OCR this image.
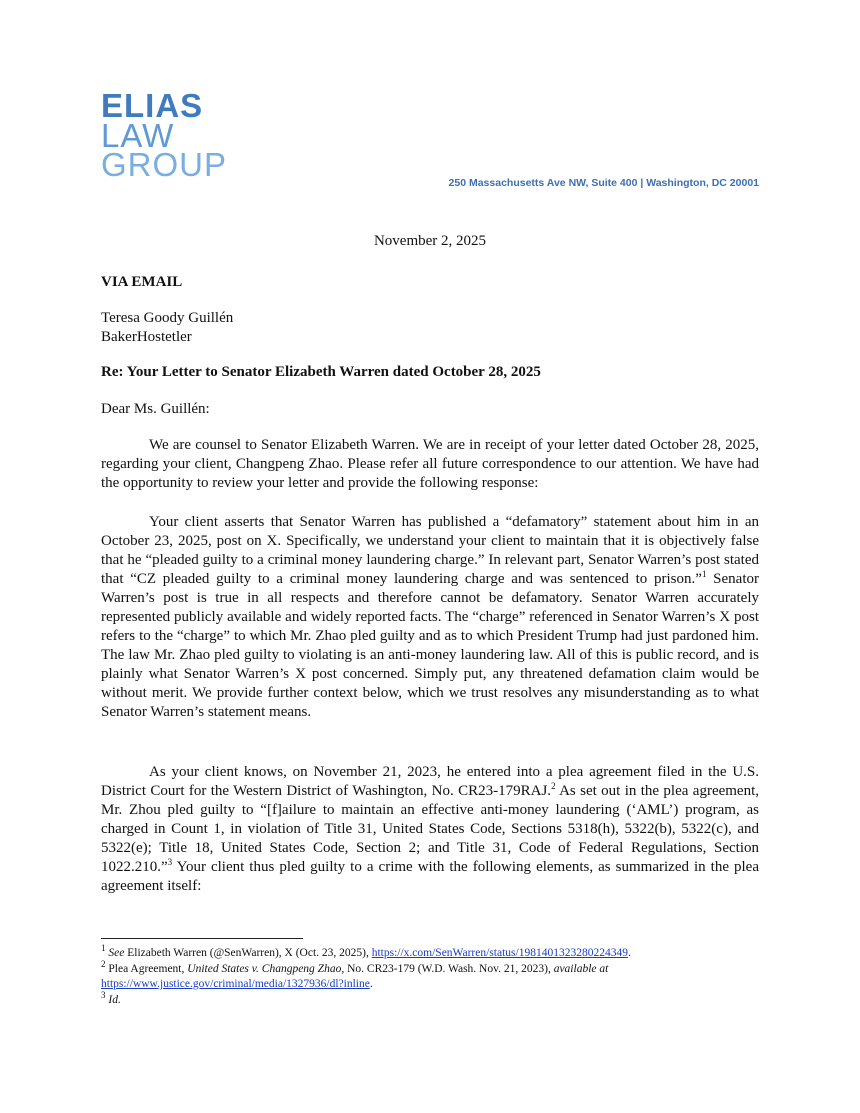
ELIAS
LAW
GROUP	250 Massachusetts Ave NW, Suite 400 | Washington, DC 20001
November 2, 2025
VIA EMAIL
Teresa Goody Guillén
BakerHostetler
Re: Your Letter to Senator Elizabeth Warren dated October 28, 2025
Dear Ms. Guillén:

We are counsel to Senator Elizabeth Warren. We are in receipt of your letter dated October 28, 2025, regarding your client, Changpeng Zhao. Please refer all future correspondence to our attention. We have had the opportunity to review your letter and provide the following response:

Your client asserts that Senator Warren has published a “defamatory” statement about him in an October 23, 2025, post on X. Specifically, we understand your client to maintain that it is objectively false that he “pleaded guilty to a criminal money laundering charge.” In relevant part, Senator Warren’s post stated that “CZ pleaded guilty to a criminal money laundering charge and was sentenced to prison.”$^1$ Senator Warren’s post is true in all respects and therefore cannot be defamatory. Senator Warren accurately represented publicly available and widely reported facts. The “charge” referenced in Senator Warren’s X post refers to the “charge” to which Mr. Zhao pled guilty and as to which President Trump had just pardoned him. The law Mr. Zhao pled guilty to violating is an anti-money laundering law. All of this is public record, and is plainly what Senator Warren’s X post concerned. Simply put, any threatened defamation claim would be without merit. We provide further context below, which we trust resolves any misunderstanding as to what Senator Warren’s statement means.

As your client knows, on November 21, 2023, he entered into a plea agreement filed in the U.S. District Court for the Western District of Washington, No. CR23-179RAJ.$^2$ As set out in the plea agreement, Mr. Zhou pled guilty to “[f]ailure to maintain an effective anti-money laundering (‘AML’) program, as charged in Count 1, in violation of Title 31, United States Code, Sections 5318(h), 5322(b), 5322(c), and 5322(e); Title 18, United States Code, Section 2; and Title 31, Code of Federal Regulations, Section 1022.210.”$^3$ Your client thus pled guilty to a crime with the following elements, as summarized in the plea agreement itself:

$^1$ See Elizabeth Warren (@SenWarren), X (Oct. 23, 2025), https://x.com/SenWarren/status/1981401323280224349.
$^2$ Plea Agreement, United States v. Changpeng Zhao, No. CR23-179 (W.D. Wash. Nov. 21, 2023), available at
https://www.justice.gov/criminal/media/1327936/dl?inline.
$^3$ Id.
